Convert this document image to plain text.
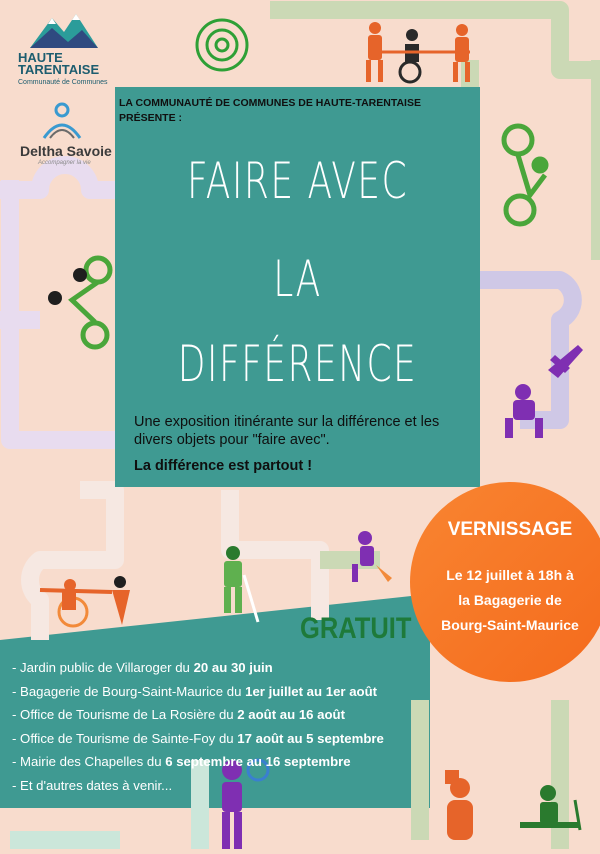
HAUTE
TARENTAISE
Communauté de Communes
Deltha Savoie
Accompagner la vie
LA COMMUNAUTÉ DE COMMUNES DE HAUTE-TARENTAISE
PRÉSENTE :
FAIRE AVEC
LA
DIFFÉRENCE
Une exposition itinérante sur la différence et les divers objets pour "faire avec".
La différence est partout !
VERNISSAGE
Le 12 juillet à 18h à
la Bagagerie de
Bourg-Saint-Maurice
GRATUIT
- Jardin public de Villaroger du 20 au 30 juin
- Bagagerie de Bourg-Saint-Maurice du 1er juillet au 1er août
- Office de Tourisme de La Rosière du 2 août au 16 août
- Office de Tourisme de Sainte-Foy du 17 août au 5 septembre
- Mairie des Chapelles du 6 septembre au 16 septembre
- Et d'autres dates à venir...
